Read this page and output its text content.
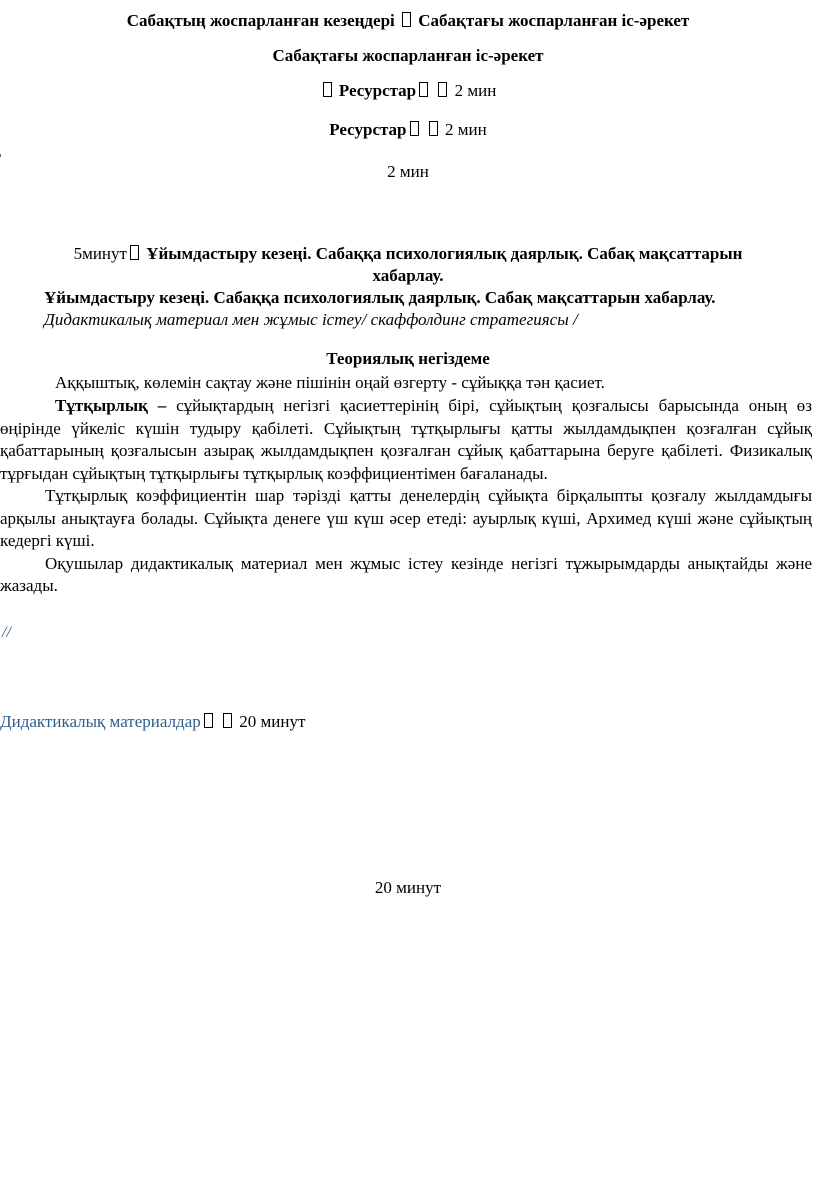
Сабақтың жоспарланған кезеңдері Сабақтағы жоспарланған іс-әрекет
Сабақтағы жоспарланған іс-әрекет
Ресурстар 2 мин
Ресурстар 2 мин
2 мин
5минут Ұйымдастыру кезеңі. Сабаққа психологиялық даярлық. Сабақ мақсаттарын
хабарлау.
Ұйымдастыру кезеңі. Сабаққа психологиялық даярлық. Сабақ мақсаттарын хабарлау.
Дидактикалық материал мен жұмыс істеу/ скаффолдинг стратегиясы /
Теориялық негіздеме
Аққыштық, көлемін сақтау және пішінін оңай өзгерту - сұйыққа тән қасиет.

Тұтқырлық – сұйықтардың негізгі қасиеттерінің бірі, сұйықтың қозғалысы барысында оның өз өңірінде үйкеліс күшін тудыру қабілеті. Сұйықтың тұтқырлығы қатты жылдамдықпен қозғалған сұйық қабаттарының қозғалысын азырақ жылдамдықпен қозғалған сұйық қабаттарына беруге қабілеті. Физикалық тұрғыдан сұйықтың тұтқырлығы тұтқырлық коэффициентімен бағаланады.

Тұтқырлық коэффициентін шар тәрізді қатты денелердің сұйықта бірқалыпты қозғалу жылдамдығы арқылы анықтауға болады. Сұйықта денеге үш күш әсер етеді: ауырлық күші, Архимед күші және сұйықтың кедергі күші.

Оқушылар дидактикалық материал мен жұмыс істеу кезінде негізгі тұжырымдарды анықтайды және жазады.

//
Дидактикалық материалдар 20 минут
20 минут
